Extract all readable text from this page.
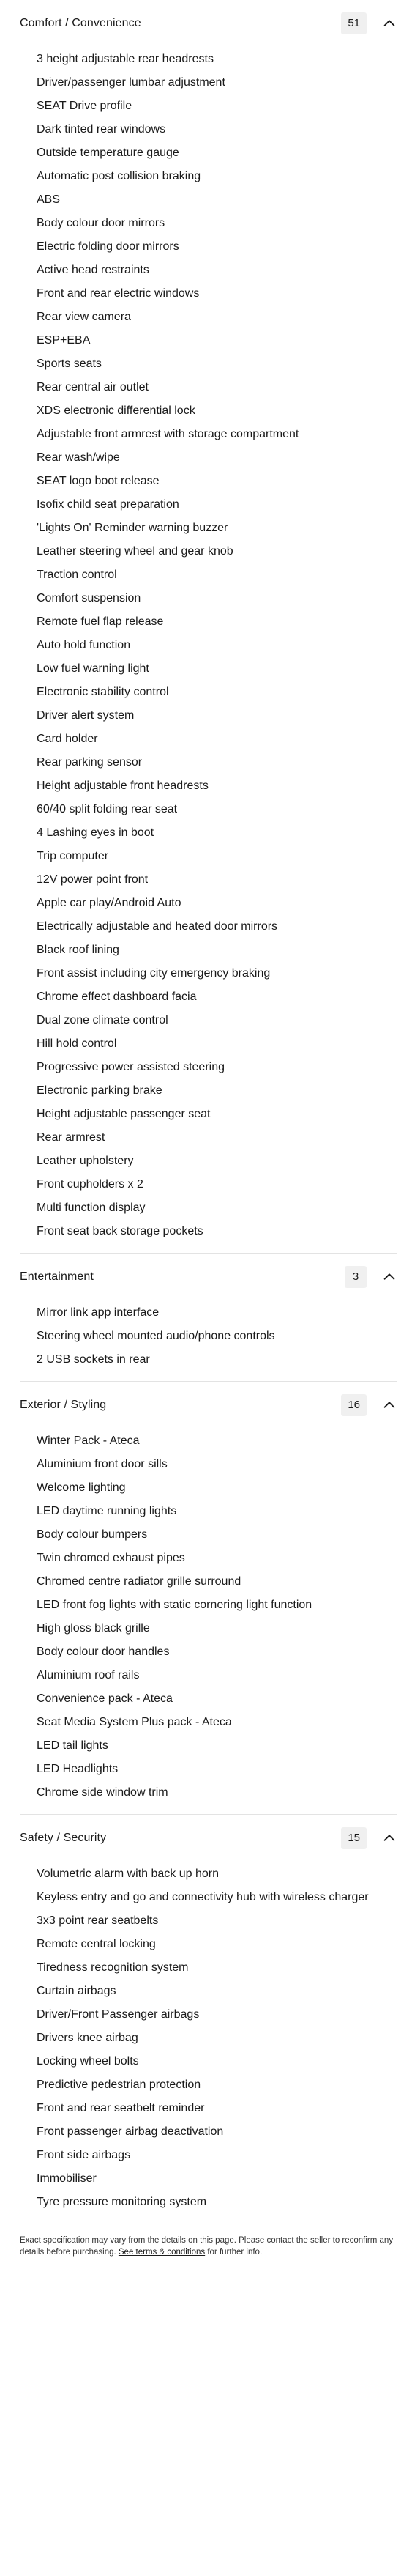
Comfort / Convenience	51
3 height adjustable rear headrests
Driver/passenger lumbar adjustment
SEAT Drive profile
Dark tinted rear windows
Outside temperature gauge
Automatic post collision braking
ABS
Body colour door mirrors
Electric folding door mirrors
Active head restraints
Front and rear electric windows
Rear view camera
ESP+EBA
Sports seats
Rear central air outlet
XDS electronic differential lock
Adjustable front armrest with storage compartment
Rear wash/wipe
SEAT logo boot release
Isofix child seat preparation
'Lights On' Reminder warning buzzer
Leather steering wheel and gear knob
Traction control
Comfort suspension
Remote fuel flap release
Auto hold function
Low fuel warning light
Electronic stability control
Driver alert system
Card holder
Rear parking sensor
Height adjustable front headrests
60/40 split folding rear seat
4 Lashing eyes in boot
Trip computer
12V power point front
Apple car play/Android Auto
Electrically adjustable and heated door mirrors
Black roof lining
Front assist including city emergency braking
Chrome effect dashboard facia
Dual zone climate control
Hill hold control
Progressive power assisted steering
Electronic parking brake
Height adjustable passenger seat
Rear armrest
Leather upholstery
Front cupholders x 2
Multi function display
Front seat back storage pockets
Entertainment	3
Mirror link app interface
Steering wheel mounted audio/phone controls
2 USB sockets in rear
Exterior / Styling	16
Winter Pack - Ateca
Aluminium front door sills
Welcome lighting
LED daytime running lights
Body colour bumpers
Twin chromed exhaust pipes
Chromed centre radiator grille surround
LED front fog lights with static cornering light function
High gloss black grille
Body colour door handles
Aluminium roof rails
Convenience pack - Ateca
Seat Media System Plus pack - Ateca
LED tail lights
LED Headlights
Chrome side window trim
Safety / Security	15
Volumetric alarm with back up horn
Keyless entry and go and connectivity hub with wireless charger
3x3 point rear seatbelts
Remote central locking
Tiredness recognition system
Curtain airbags
Driver/Front Passenger airbags
Drivers knee airbag
Locking wheel bolts
Predictive pedestrian protection
Front and rear seatbelt reminder
Front passenger airbag deactivation
Front side airbags
Immobiliser
Tyre pressure monitoring system

Exact specification may vary from the details on this page. Please contact the seller to reconfirm any details before purchasing. See terms & conditions for further info.
